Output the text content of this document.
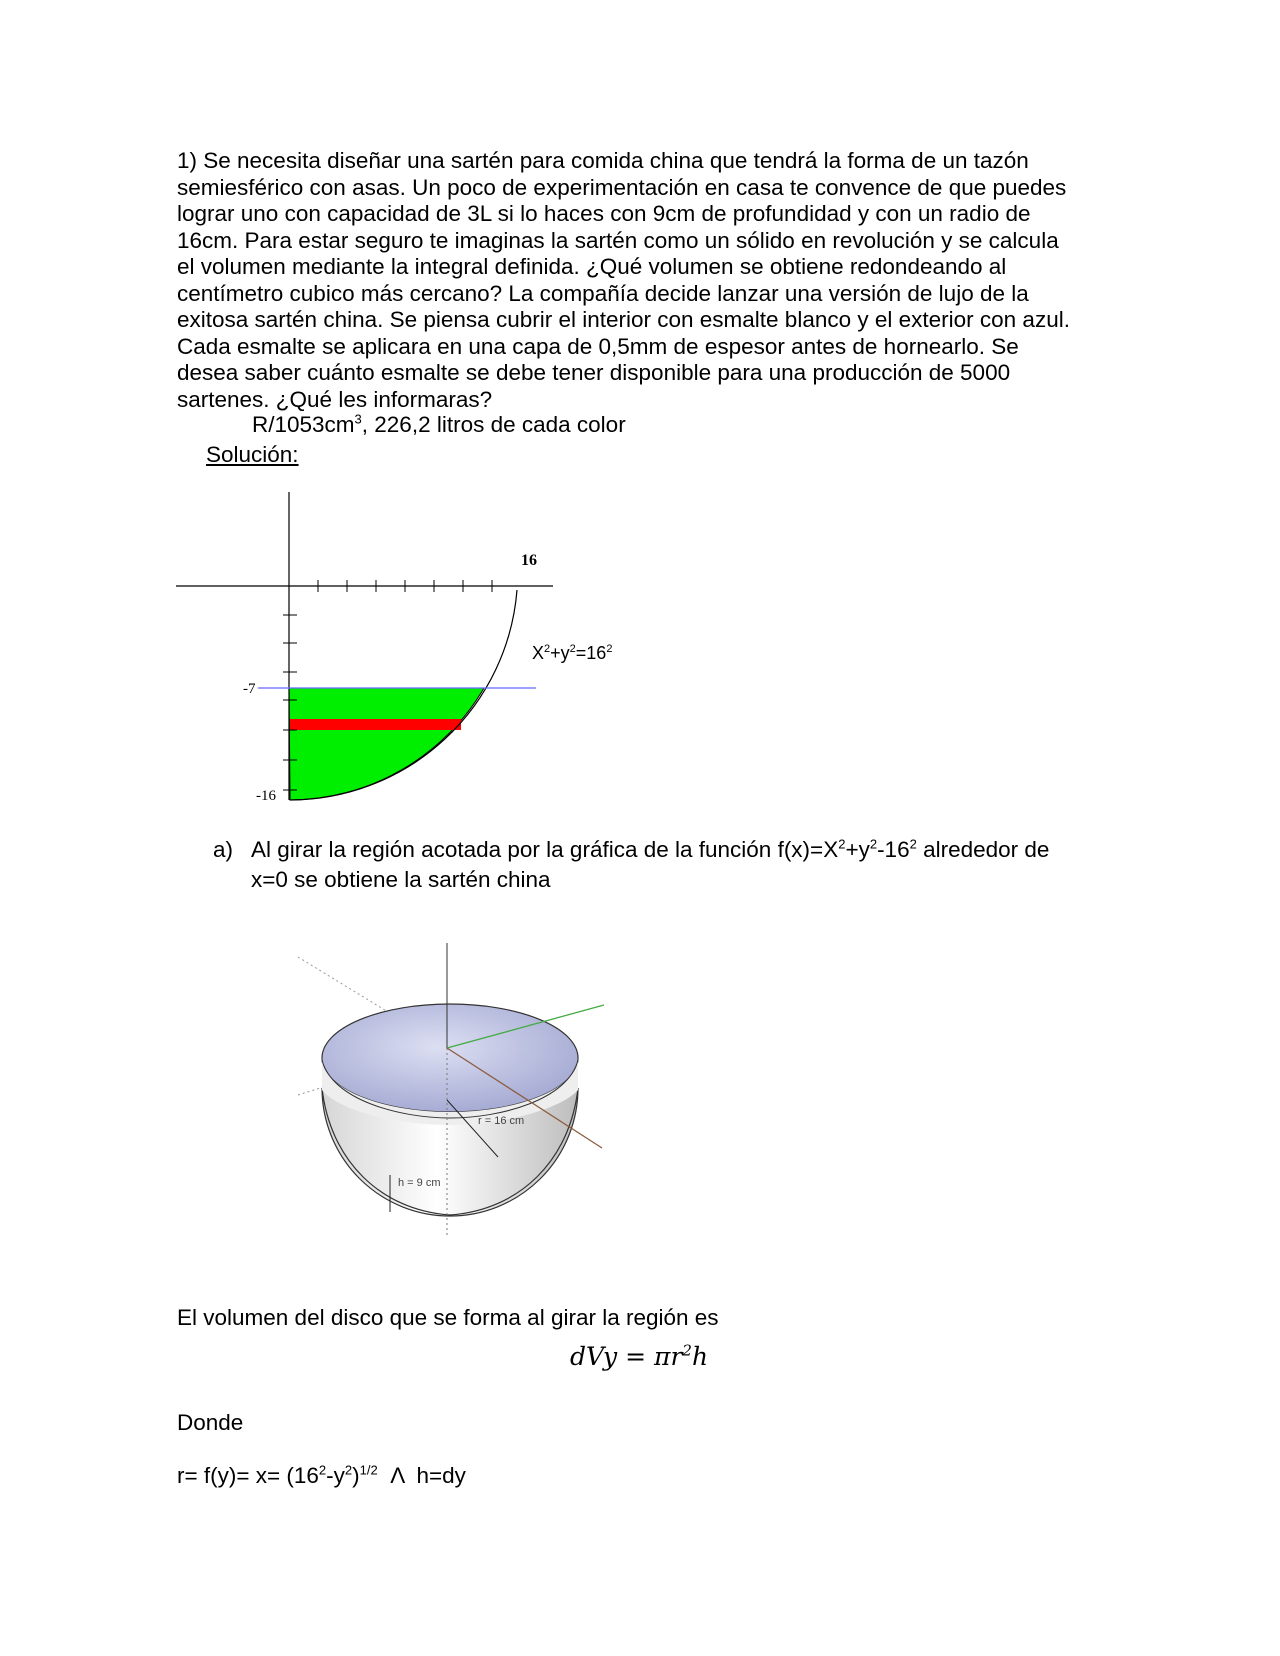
1) Se necesita diseñar una sartén para comida china que tendrá la forma de un tazón
semiesférico con asas. Un poco de experimentación en casa te convence de que puedes
lograr uno con capacidad de 3L si lo haces con 9cm de profundidad y con un radio de
16cm. Para estar seguro te imaginas la sartén como un sólido en revolución y se calcula
el volumen mediante la integral definida. ¿Qué volumen se obtiene redondeando al
centímetro cubico más cercano? La compañía decide lanzar una versión de lujo de la
exitosa sartén china. Se piensa cubrir el interior con esmalte blanco y el exterior con azul.
Cada esmalte se aplicara en una capa de 0,5mm de espesor antes de hornearlo. Se
desea saber cuánto esmalte se debe tener disponible para una producción de 5000
sartenes. ¿Qué les informaras?
$R/1053cm^3$, 226,2 litros de cada color
Solución:
16
-7
-16
$X^2+y^2=16^2$
a) Al girar la región acotada por la gráfica de la función $f(x)=X^2+y^2-16^2$ alrededor de
x=0 se obtiene la sartén china
r = 16 cm
h = 9 cm
El volumen del disco que se forma al girar la región es
dVy = $\pi r^2h$
Donde
$r= f(y)= x= (16^2-y^2)^{1/2}$  Λ  h=dy
